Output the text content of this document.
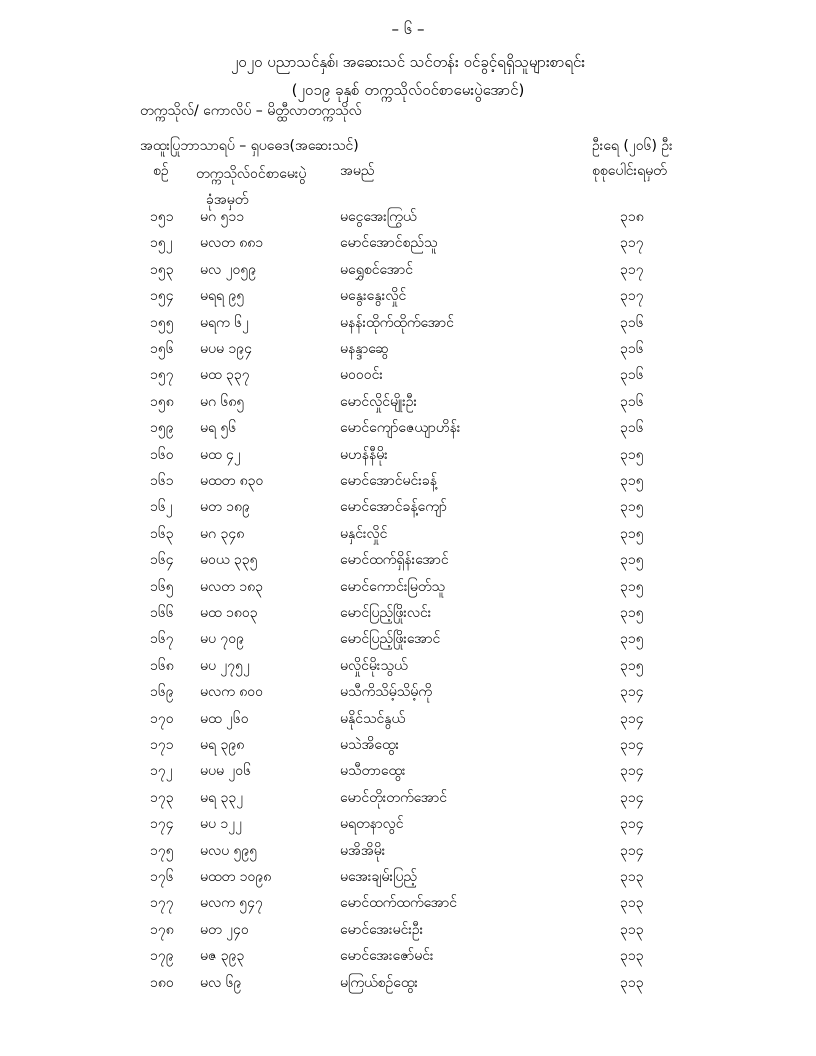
– ၆ –
၂၀၂၀ ပညာသင်နှစ်၊ အဆေးသင် သင်တန်း ဝင်ခွင့်ရရှိသူများစာရင်း
(၂၀၁၉ ခုနှစ် တက္ကသိုလ်ဝင်စာမေးပွဲအောင်)
တက္ကသိုလ်/ ကောလိပ် – မိတ္ထီလာတက္ကသိုလ်
အထူးပြုဘာသာရပ် – ရှပဓေဒ(အဆေးသင်)	ဦးရေ (၂၀၆) ဦး
စဉ် တက္ကသိုလ်ဝင်စာမေးပွဲ
ခုံအမှတ်
အမည်	စုစုပေါင်းရမှတ်
၁၅၁ မဂ ၅၁၁	မငွေအေးကြွယ်	၃၁၈
၁၅၂ မလတ ၈၈၁	မောင်အောင်စည်သူ	၃၁၇
၁၅၃ မလ ၂၀၅၉	မရွှေစင်အောင်	၃၁၇
၁၅၄ မရရ ၉၅	မနွေးနွေးလှိုင်	၃၁၇
၁၅၅ မရက ၆၂	မနန်းထိုက်ထိုက်အောင်	၃၁၆
၁၅၆ မပမ ၁၉၄	မနန္ဒာဆွေ	၃၁၆
၁၅၇ မထ ၃၃၇	မဝဝဝင်း	၃၁၆
၁၅၈ မဂ ၆၈၅	မောင်လှိုင်မျိုးဦး	၃၁၆
၁၅၉ မရ ၅၆	မောင်ကျော်ဇေယျာဟိန်း	၃၁၆
၁၆၀ မထ ၄၂	မဟန်နီမိုး	၃၁၅
၁၆၁ မထတ ၈၃၀	မောင်အောင်မင်းခန့်	၃၁၅
၁၆၂ မတ ၁၈၉	မောင်အောင်ခန့်ကျော်	၃၁၅
၁၆၃ မဂ ၃၄၈	မနှင်းလှိုင်	၃၁၅
၁၆၄ မဝယ ၃၃၅	မောင်ထက်ရှိန်းအောင်	၃၁၅
၁၆၅ မလတ ၁၈၃	မောင်ကောင်းမြတ်သူ	၃၁၅
၁၆၆ မထ ၁၈၀၃	မောင်ပြည့်ဖြိုးလင်း	၃၁၅
၁၆၇ မပ ၇၀၉	မောင်ပြည့်ဖြိုးအောင်	၃၁၅
၁၆၈ မပ ၂၇၅၂	မလှိုင်မိုးသွယ်	၃၁၅
၁၆၉ မလက ၈၀၀	မသီကိသိမ့်သိမ့်ကို	၃၁၄
၁၇၀ မထ ၂၆၀	မနိုင်သင်နွယ်	၃၁၄
၁၇၁ မရ ၃၉၈	မသဲအိထွေး	၃၁၄
၁၇၂ မပမ ၂၀၆	မသီတာထွေး	၃၁၄
၁၇၃ မရ ၃၃၂	မောင်တိုးတက်အောင်	၃၁၄
၁၇၄ မပ ၁၂၂	မရတနာလွင်	၃၁၄
၁၇၅ မလပ ၅၉၅	မအိအိမိုး	၃၁၄
၁၇၆ မထတ ၁၀၉၈	မအေးချမ်းပြည့်	၃၁၃
၁၇၇ မလက ၅၄၇	မောင်ထက်ထက်အောင်	၃၁၃
၁၇၈ မတ ၂၄၀	မောင်အေးမင်းဦး	၃၁၃
၁၇၉ မဇ ၃၉၃	မောင်အေးဇော်မင်း	၃၁၃
၁၈၀ မလ ၆၉	မကြယ်စဉ်ထွေး	၃၁၃
